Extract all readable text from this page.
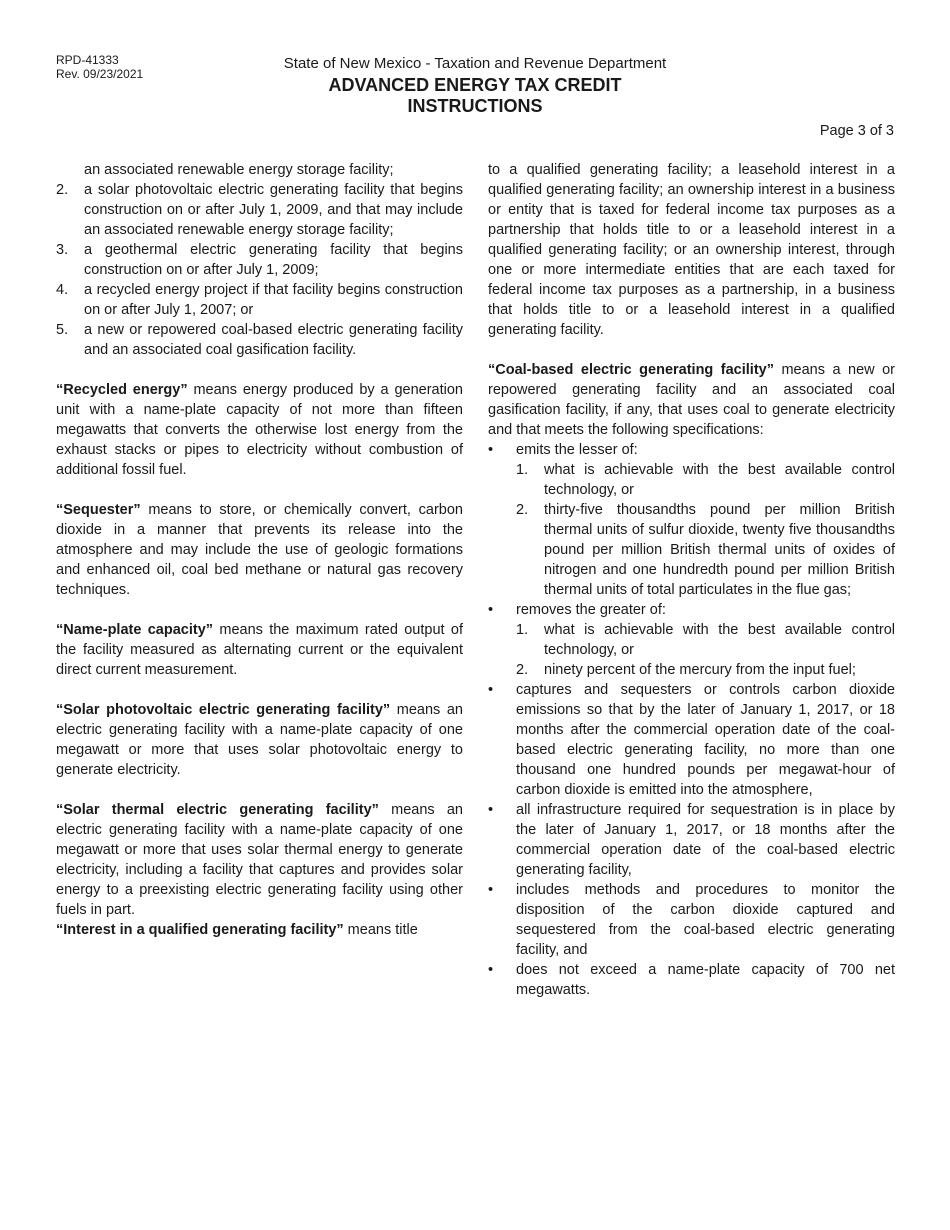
RPD-41333
Rev. 09/23/2021
State of New Mexico - Taxation and Revenue Department
ADVANCED ENERGY TAX CREDIT
INSTRUCTIONS
Page 3 of 3
an associated renewable energy storage facility;
2. a solar photovoltaic electric generating facility that begins construction on or after July 1, 2009, and that may include an associated renewable energy storage facility;
3. a geothermal electric generating facility that begins construction on or after July 1, 2009;
4. a recycled energy project if that facility begins construction on or after July 1, 2007; or
5. a new or repowered coal-based electric generating facility and an associated coal gasification facility.

“Recycled energy” means energy produced by a generation unit with a name-plate capacity of not more than fifteen megawatts that converts the otherwise lost energy from the exhaust stacks or pipes to electricity without combustion of additional fossil fuel.

“Sequester” means to store, or chemically convert, carbon dioxide in a manner that prevents its release into the atmosphere and may include the use of geologic formations and enhanced oil, coal bed methane or natural gas recovery techniques.

“Name-plate capacity” means the maximum rated output of the facility measured as alternating current or the equivalent direct current measurement.

“Solar photovoltaic electric generating facility” means an electric generating facility with a name-plate capacity of one megawatt or more that uses solar photovoltaic energy to generate electricity.

“Solar thermal electric generating facility” means an electric generating facility with a name-plate capacity of one megawatt or more that uses solar thermal energy to generate electricity, including a facility that captures and provides solar energy to a preexisting electric generating facility using other fuels in part.

“Interest in a qualified generating facility” means title

to a qualified generating facility; a leasehold interest in a qualified generating facility; an ownership interest in a business or entity that is taxed for federal income tax purposes as a partnership that holds title to or a leasehold interest in a qualified generating facility; or an ownership interest, through one or more intermediate entities that are each taxed for federal income tax purposes as a partnership, in a business that holds title to or a leasehold interest in a qualified generating facility.

“Coal-based electric generating facility” means a new or repowered generating facility and an associated coal gasification facility, if any, that uses coal to generate electricity and that meets the following specifications:

• emits the lesser of:
1. what is achievable with the best available control technology, or
2. thirty-five thousandths pound per million British thermal units of sulfur dioxide, twenty five thousandths pound per million British thermal units of oxides of nitrogen and one hundredth pound per million British thermal units of total particulates in the flue gas;
• removes the greater of:
1. what is achievable with the best available control technology, or
2. ninety percent of the mercury from the input fuel;
• captures and sequesters or controls carbon dioxide emissions so that by the later of January 1, 2017, or 18 months after the commercial operation date of the coal-based electric generating facility, no more than one thousand one hundred pounds per megawat-hour of carbon dioxide is emitted into the atmosphere,
• all infrastructure required for sequestration is in place by the later of January 1, 2017, or 18 months after the commercial operation date of the coal-based electric generating facility,
• includes methods and procedures to monitor the disposition of the carbon dioxide captured and sequestered from the coal-based electric generating facility, and
• does not exceed a name-plate capacity of 700 net megawatts.
